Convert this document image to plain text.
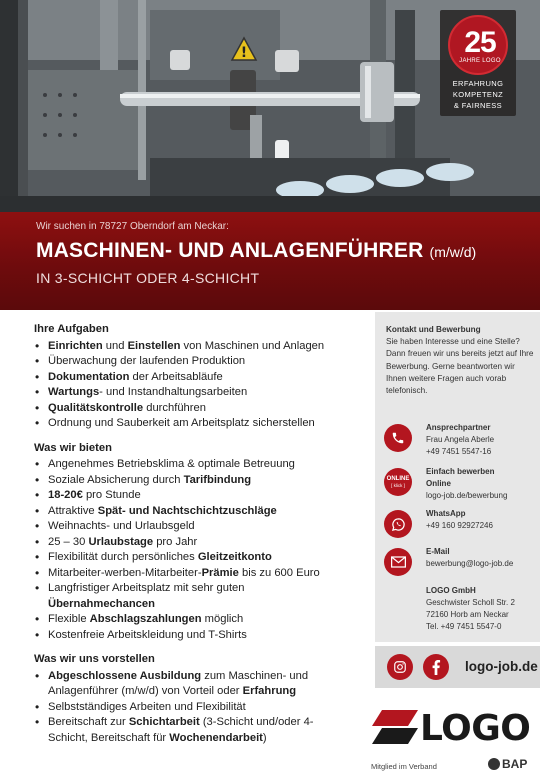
!	25
JAHRE LOGO
ERFAHRUNG
KOMPETENZ
& FAIRNESS
Wir suchen in 78727 Oberndorf am Neckar:
MASCHINEN- UND ANLAGENFÜHRER (m/w/d)
IN 3-SCHICHT ODER 4-SCHICHT
Ihre Aufgaben
• Einrichten und Einstellen von Maschinen und Anlagen
• Überwachung der laufenden Produktion
• Dokumentation der Arbeitsabläufe
• Wartungs- und Instandhaltungsarbeiten
• Qualitätskontrolle durchführen
• Ordnung und Sauberkeit am Arbeitsplatz sicherstellen
Was wir bieten
• Angenehmes Betriebsklima & optimale Betreuung
• Soziale Absicherung durch Tarifbindung
• 18-20€ pro Stunde
• Attraktive Spät- und Nachtschichtzuschläge
• Weihnachts- und Urlaubsgeld
• 25 – 30 Urlaubstage pro Jahr
• Flexibilität durch persönliches Gleitzeitkonto
• Mitarbeiter-werben-Mitarbeiter-Prämie bis zu 600 Euro
• Langfristiger Arbeitsplatz mit sehr guten Übernahmechancen
• Flexible Abschlagszahlungen möglich
• Kostenfreie Arbeitskleidung und T-Shirts
Was wir uns vorstellen
• Abgeschlossene Ausbildung zum Maschinen- und Anlagenführer (m/w/d) von Vorteil oder Erfahrung
• Selbstständiges Arbeiten und Flexibilität
• Bereitschaft zur Schichtarbeit (3-Schicht und/oder 4-Schicht, Bereitschaft für Wochenendarbeit)
Kontakt und Bewerbung
Sie haben Interesse und eine Stelle? Dann freuen wir uns bereits jetzt auf Ihre Bewerbung. Gerne beantworten wir Ihnen weitere Fragen auch vorab telefonisch.
Ansprechpartner
Frau Angela Aberle
+49 7451 5547-16
ONLINE
[ klick ]
Einfach bewerben
Online
logo-job.de/bewerbung
WhatsApp
+49 160 92927246
E-Mail
bewerbung@logo-job.de
LOGO GmbH
Geschwister Scholl Str. 2
72160 Horb am Neckar
Tel. +49 7451 5547-0
logo-job.de
LOGO
Mitglied im Verband	BAP
